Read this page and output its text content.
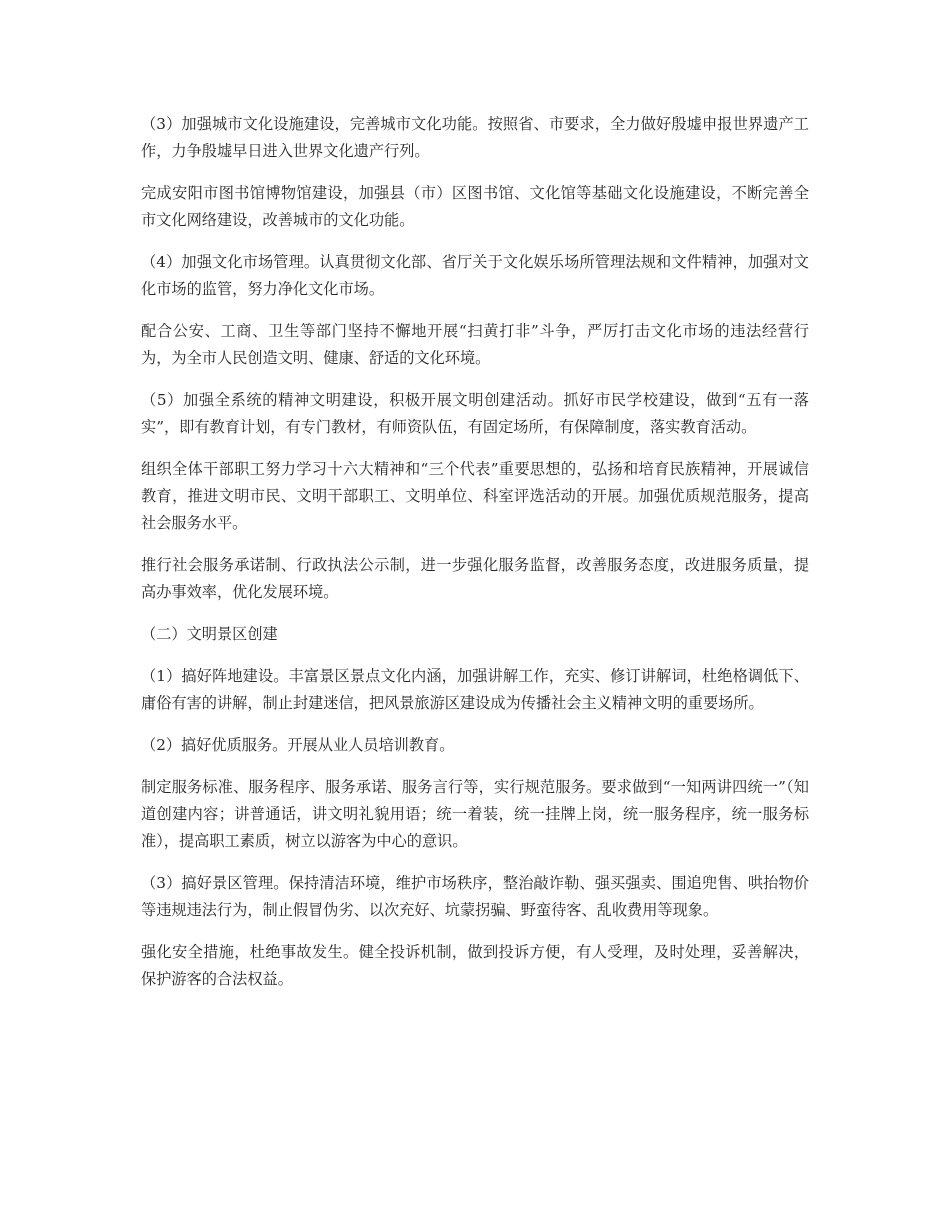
（3）加强城市文化设施建设，完善城市文化功能。按照省、市要求，全力做好殷墟申报世界遗产工作，力争殷墟早日进入世界文化遗产行列。

完成安阳市图书馆博物馆建设，加强县（市）区图书馆、文化馆等基础文化设施建设，不断完善全市文化网络建设，改善城市的文化功能。

（4）加强文化市场管理。认真贯彻文化部、省厅关于文化娱乐场所管理法规和文件精神，加强对文化市场的监管，努力净化文化市场。

配合公安、工商、卫生等部门坚持不懈地开展“扫黄打非”斗争，严厉打击文化市场的违法经营行为，为全市人民创造文明、健康、舒适的文化环境。

（5）加强全系统的精神文明建设，积极开展文明创建活动。抓好市民学校建设，做到“五有一落实”，即有教育计划，有专门教材，有师资队伍，有固定场所，有保障制度，落实教育活动。

组织全体干部职工努力学习十六大精神和“三个代表”重要思想的，弘扬和培育民族精神，开展诚信教育，推进文明市民、文明干部职工、文明单位、科室评选活动的开展。加强优质规范服务，提高社会服务水平。

推行社会服务承诺制、行政执法公示制，进一步强化服务监督，改善服务态度，改进服务质量，提高办事效率，优化发展环境。

（二）文明景区创建

（1）搞好阵地建设。丰富景区景点文化内涵，加强讲解工作，充实、修订讲解词，杜绝格调低下、庸俗有害的讲解，制止封建迷信，把风景旅游区建设成为传播社会主义精神文明的重要场所。

（2）搞好优质服务。开展从业人员培训教育。

制定服务标准、服务程序、服务承诺、服务言行等，实行规范服务。要求做到“一知两讲四统一”（知道创建内容；讲普通话，讲文明礼貌用语；统一着装，统一挂牌上岗，统一服务程序，统一服务标准），提高职工素质，树立以游客为中心的意识。

（3）搞好景区管理。保持清洁环境，维护市场秩序，整治敲诈勒、强买强卖、围追兜售、哄抬物价等违规违法行为，制止假冒伪劣、以次充好、坑蒙拐骗、野蛮待客、乱收费用等现象。

强化安全措施，杜绝事故发生。健全投诉机制，做到投诉方便，有人受理，及时处理，妥善解决，保护游客的合法权益。
